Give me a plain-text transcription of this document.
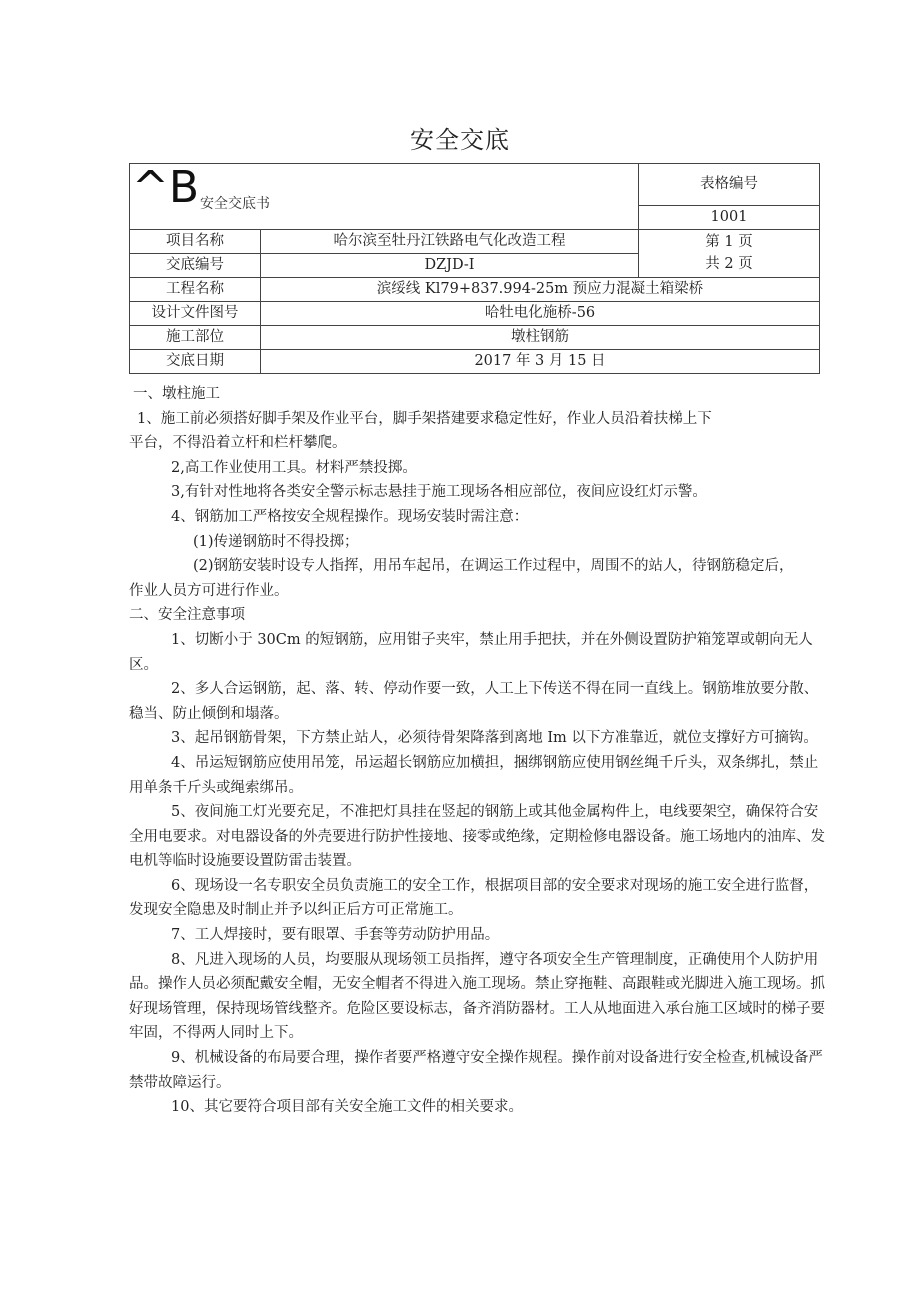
安全交底
^B 安全交底书		表格编号
		1001
项目名称	哈尔滨至牡丹江铁路电气化改造工程	第 1 页
共 2 页

交底编号	DZJD-I	
工程名称	滨绥线 Kl79+837.994-25m 预应力混凝土箱梁桥	
设计文件图号	哈牡电化施桥-56	
施工部位	墩柱钢筋	
交底日期	2017 年 3 月 15 日	

一、墩柱施工

1、施工前必须搭好脚手架及作业平台，脚手架搭建要求稳定性好，作业人员沿着扶梯上下

平台，不得沿着立杆和栏杆攀爬。

2,高工作业使用工具。材料严禁投掷。

3,有针对性地将各类安全警示标志悬挂于施工现场各相应部位，夜间应设红灯示警。

4、钢筋加工严格按安全规程操作。现场安装时需注意：

(1)传递钢筋时不得投掷；

(2)钢筋安装时设专人指挥，用吊车起吊，在调运工作过程中，周围不的站人，待钢筋稳定后，

作业人员方可进行作业。

二、安全注意事项

1、切断小于 30Cm 的短钢筋，应用钳子夹牢，禁止用手把扶，并在外侧设置防护箱笼罩或朝向无人区。

2、多人合运钢筋，起、落、转、停动作要一致，人工上下传送不得在同一直线上。钢筋堆放要分散、稳当、防止倾倒和塌落。

3、起吊钢筋骨架，下方禁止站人，必须待骨架降落到离地 Im 以下方准靠近，就位支撑好方可摘钩。

4、吊运短钢筋应使用吊笼，吊运超长钢筋应加横担，捆绑钢筋应使用钢丝绳千斤头，双条绑扎，禁止用单条千斤头或绳索绑吊。

5、夜间施工灯光要充足，不准把灯具挂在竖起的钢筋上或其他金属构件上，电线要架空，确保符合安全用电要求。对电器设备的外壳要进行防护性接地、接零或绝缘，定期检修电器设备。施工场地内的油库、发电机等临时设施要设置防雷击装置。

6、现场设一名专职安全员负责施工的安全工作，根据项目部的安全要求对现场的施工安全进行监督，发现安全隐患及时制止并予以纠正后方可正常施工。

7、工人焊接时，要有眼罩、手套等劳动防护用品。

8、凡进入现场的人员，均要服从现场领工员指挥，遵守各项安全生产管理制度，正确使用个人防护用品。操作人员必须配戴安全帽，无安全帽者不得进入施工现场。禁止穿拖鞋、高跟鞋或光脚进入施工现场。抓好现场管理，保持现场管线整齐。危险区要设标志，备齐消防器材。工人从地面进入承台施工区域时的梯子要牢固，不得两人同时上下。

9、机械设备的布局要合理，操作者要严格遵守安全操作规程。操作前对设备进行安全检查,机械设备严禁带故障运行。

10、其它要符合项目部有关安全施工文件的相关要求。
